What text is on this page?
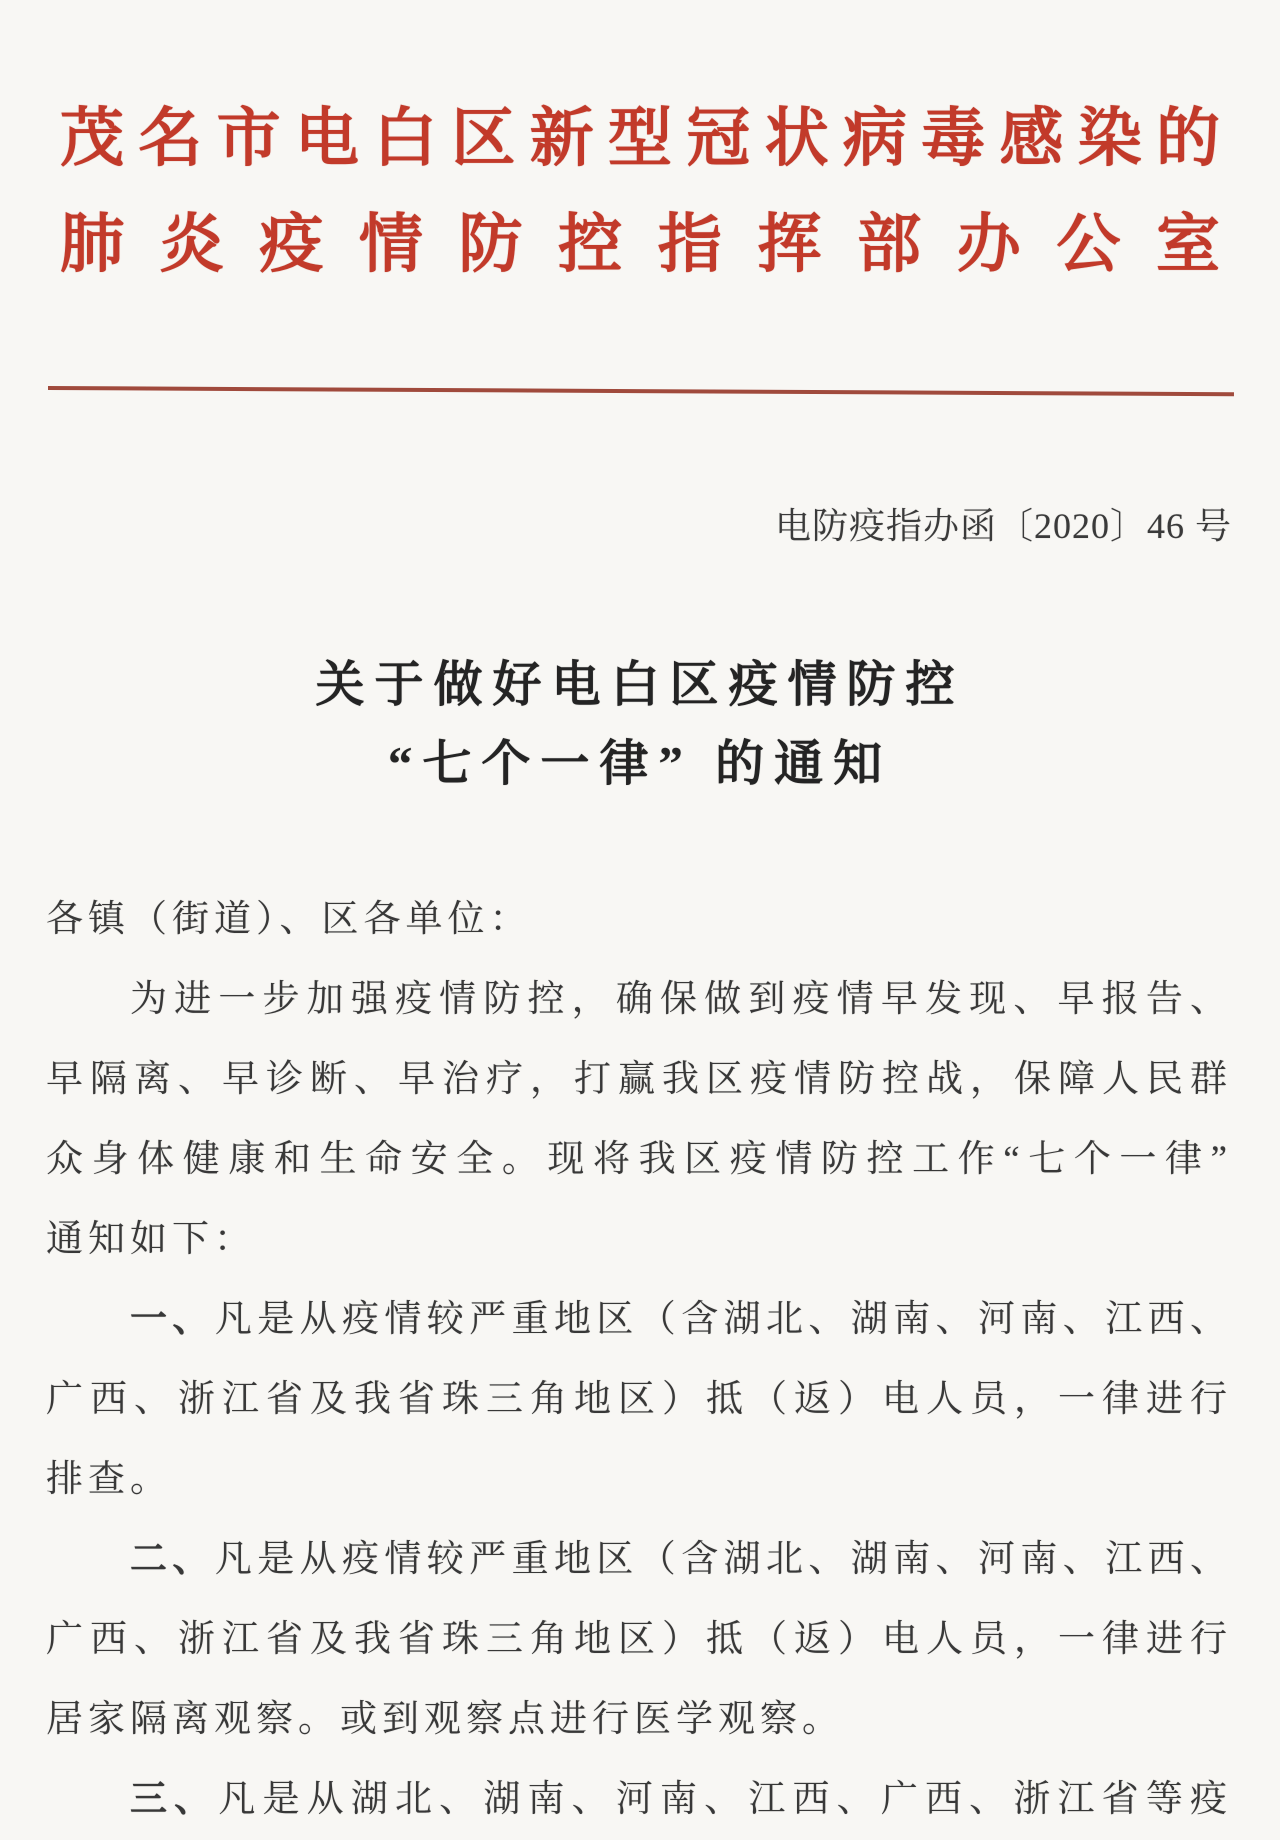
茂名市电白区新型冠状病毒感染的
肺炎疫情防控指挥部办公室
电防疫指办函〔2020〕46 号
关于做好电白区疫情防控
“七个一律” 的通知
各镇（街道）、区各单位：
为进一步加强疫情防控，确保做到疫情早发现、早报告、
早隔离、早诊断、早治疗，打赢我区疫情防控战，保障人民群
众身体健康和生命安全。现将我区疫情防控工作“七个一律”
通知如下：
一、凡是从疫情较严重地区（含湖北、湖南、河南、江西、
广西、浙江省及我省珠三角地区）抵（返）电人员，一律进行
排查。
二、凡是从疫情较严重地区（含湖北、湖南、河南、江西、
广西、浙江省及我省珠三角地区）抵（返）电人员，一律进行
居家隔离观察。或到观察点进行医学观察。
三、凡是从湖北、湖南、河南、江西、广西、浙江省等疫
